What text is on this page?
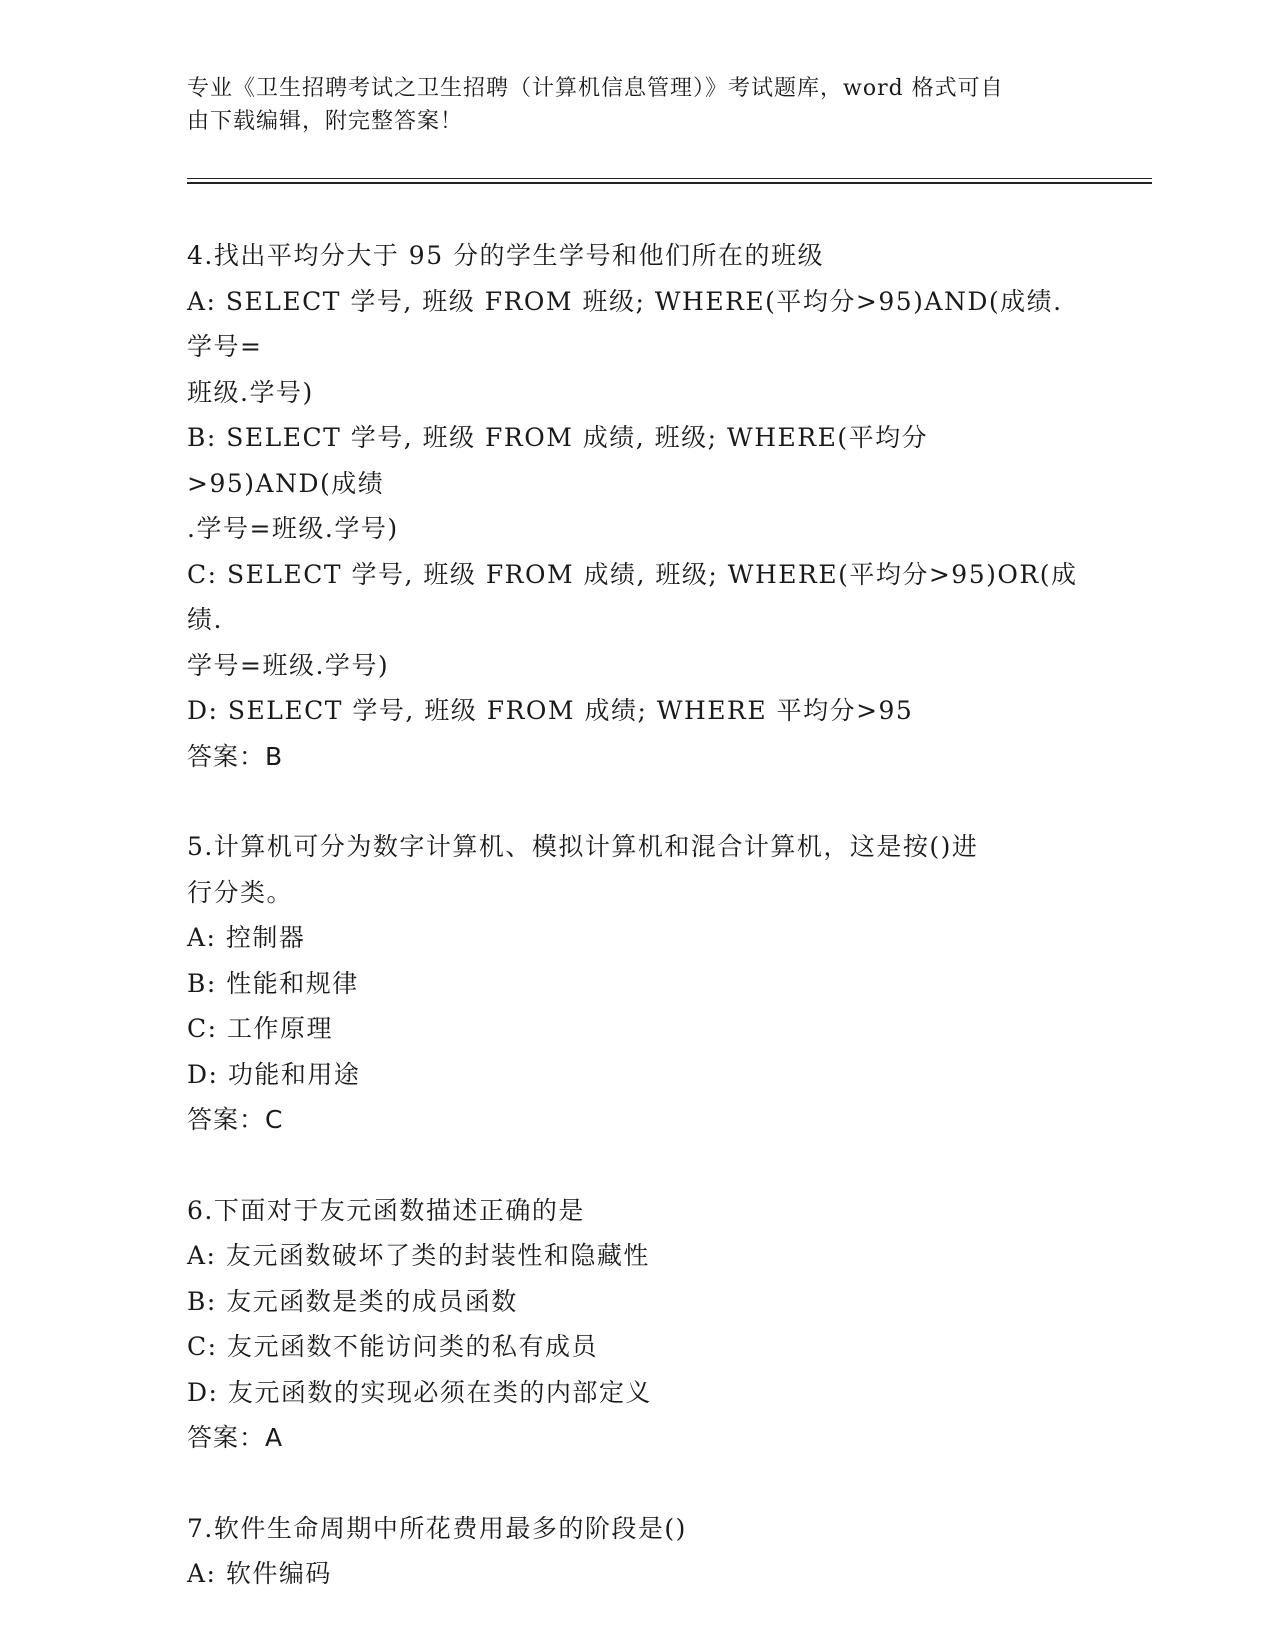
专业《卫生招聘考试之卫生招聘（计算机信息管理）》考试题库，word 格式可自
由下载编辑，附完整答案！

4.找出平均分大于 95 分的学生学号和他们所在的班级

A: SELECT 学号, 班级 FROM 班级; WHERE(平均分>95)AND(成绩.学号=

班级.学号)

B: SELECT 学号, 班级 FROM 成绩, 班级; WHERE(平均分>95)AND(成绩

.学号=班级.学号)

C: SELECT 学号, 班级 FROM 成绩, 班级; WHERE(平均分>95)OR(成绩.

学号=班级.学号)

D: SELECT 学号, 班级 FROM 成绩; WHERE 平均分>95

答案：B

5.计算机可分为数字计算机、模拟计算机和混合计算机，这是按()进

行分类。

A: 控制器

B: 性能和规律

C: 工作原理

D: 功能和用途

答案：C

6.下面对于友元函数描述正确的是

A: 友元函数破坏了类的封装性和隐藏性

B: 友元函数是类的成员函数

C: 友元函数不能访问类的私有成员

D: 友元函数的实现必须在类的内部定义

答案：A

7.软件生命周期中所花费用最多的阶段是()

A: 软件编码
